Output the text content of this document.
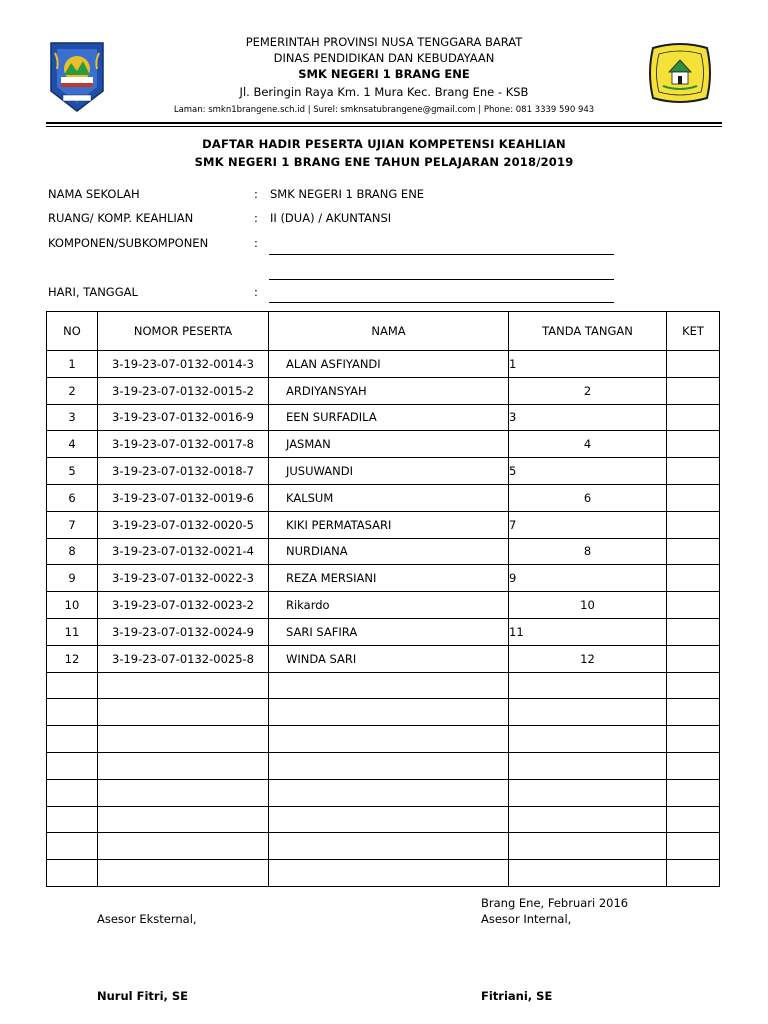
PEMERINTAH PROVINSI NUSA TENGGARA BARAT
DINAS PENDIDIKAN DAN KEBUDAYAAN
SMK NEGERI 1 BRANG ENE
Jl. Beringin Raya Km. 1 Mura Kec. Brang Ene - KSB
Laman: smkn1brangene.sch.id | Surel: smknsatubrangene@gmail.com | Phone: 081 3339 590 943
DAFTAR HADIR PESERTA UJIAN KOMPETENSI KEAHLIAN
SMK NEGERI 1 BRANG ENE TAHUN PELAJARAN 2018/2019
NAMA SEKOLAH	: SMK NEGERI 1 BRANG ENE
RUANG/ KOMP. KEAHLIAN	: II (DUA) / AKUNTANSI
KOMPONEN/SUBKOMPONEN	:
HARI, TANGGAL	:
NO	NOMOR PESERTA	NAMA	TANDA TANGAN	KET
1	3-19-23-07-0132-0014-3	ALAN ASFIYANDI	1	
2	3-19-23-07-0132-0015-2	ARDIYANSYAH	2	
3	3-19-23-07-0132-0016-9	EEN SURFADILA	3	
4	3-19-23-07-0132-0017-8	JASMAN	4	
5	3-19-23-07-0132-0018-7	JUSUWANDI	5	
6	3-19-23-07-0132-0019-6	KALSUM	6	
7	3-19-23-07-0132-0020-5	KIKI PERMATASARI	7	
8	3-19-23-07-0132-0021-4	NURDIANA	8	
9	3-19-23-07-0132-0022-3	REZA MERSIANI	9	
10	3-19-23-07-0132-0023-2	Rikardo	10	
11	3-19-23-07-0132-0024-9	SARI SAFIRA	11	
12	3-19-23-07-0132-0025-8	WINDA SARI	12	

Brang Ene, Februari 2016
Asesor Eksternal,	Asesor Internal,
Nurul Fitri, SE	Fitriani, SE
